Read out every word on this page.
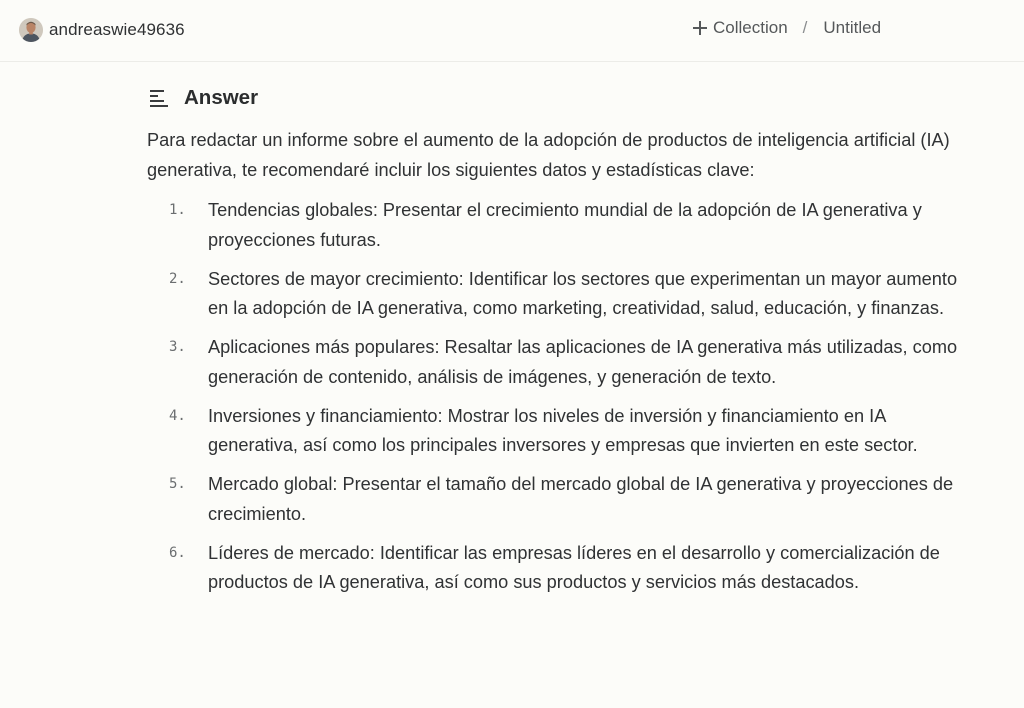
andreaswie49636	Collection / Untitled
Answer

Para redactar un informe sobre el aumento de la adopción de productos de inteligencia artificial (IA) generativa, te recomendaré incluir los siguientes datos y estadísticas clave:

1. Tendencias globales: Presentar el crecimiento mundial de la adopción de IA generativa y proyecciones futuras.
2. Sectores de mayor crecimiento: Identificar los sectores que experimentan un mayor aumento en la adopción de IA generativa, como marketing, creatividad, salud, educación, y finanzas.
3. Aplicaciones más populares: Resaltar las aplicaciones de IA generativa más utilizadas, como generación de contenido, análisis de imágenes, y generación de texto.
4. Inversiones y financiamiento: Mostrar los niveles de inversión y financiamiento en IA generativa, así como los principales inversores y empresas que invierten en este sector.
5. Mercado global: Presentar el tamaño del mercado global de IA generativa y proyecciones de crecimiento.
6. Líderes de mercado: Identificar las empresas líderes en el desarrollo y comercialización de productos de IA generativa, así como sus productos y servicios más destacados.
